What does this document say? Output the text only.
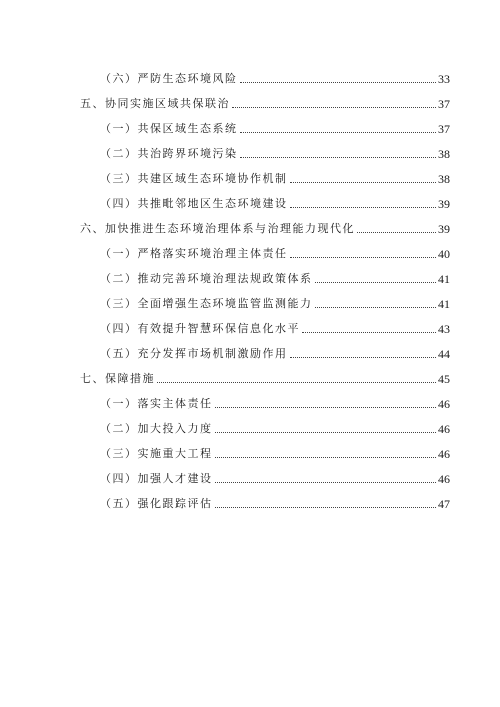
（六）严防生态环境风险	33
五、协同实施区域共保联治	37
（一）共保区域生态系统	37
（二）共治跨界环境污染	38
（三）共建区域生态环境协作机制	38
（四）共推毗邻地区生态环境建设	39
六、加快推进生态环境治理体系与治理能力现代化	39
（一）严格落实环境治理主体责任	40
（二）推动完善环境治理法规政策体系	41
（三）全面增强生态环境监管监测能力	41
（四）有效提升智慧环保信息化水平	43
（五）充分发挥市场机制激励作用	44
七、保障措施	45
（一）落实主体责任	46
（二）加大投入力度	46
（三）实施重大工程	46
（四）加强人才建设	46
（五）强化跟踪评估	47
